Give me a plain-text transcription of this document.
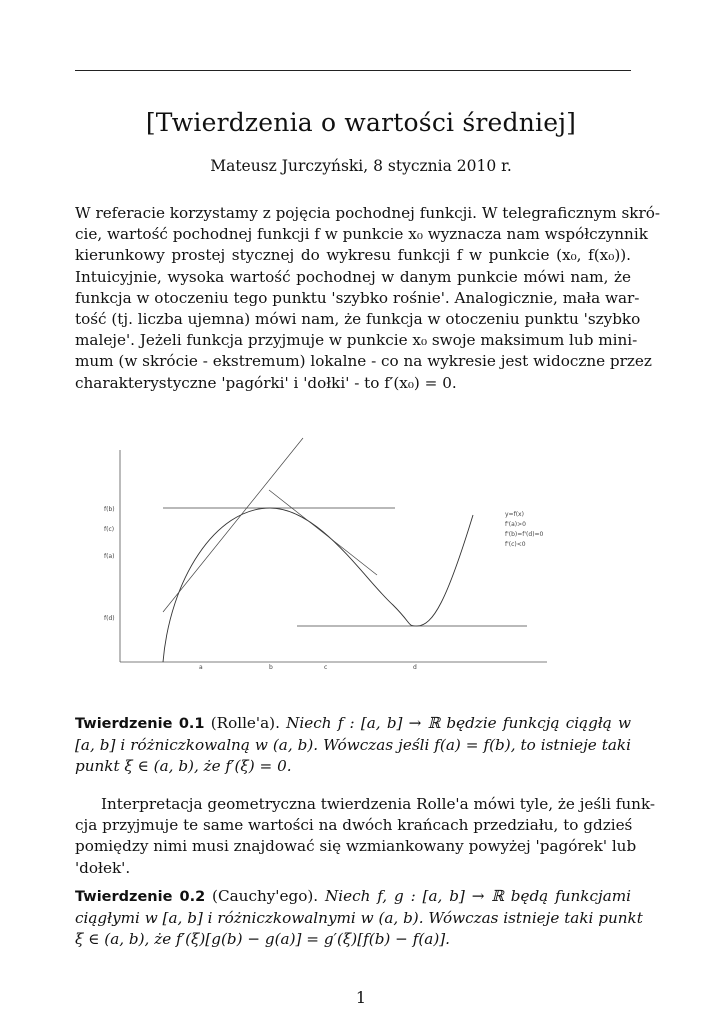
[Twierdzenia o wartości średniej]
Mateusz Jurczyński, 8 stycznia 2010 r.
W referacie korzystamy z pojęcia pochodnej funkcji. W telegraficznym skró-
cie, wartość pochodnej funkcji f w punkcie x₀ wyznacza nam współczynnik
kierunkowy prostej stycznej do wykresu funkcji f w punkcie (x₀, f(x₀)).
Intuicyjnie, wysoka wartość pochodnej w danym punkcie mówi nam, że
funkcja w otoczeniu tego punktu 'szybko rośnie'. Analogicznie, mała war-
tość (tj. liczba ujemna) mówi nam, że funkcja w otoczeniu punktu 'szybko
maleje'. Jeżeli funkcja przyjmuje w punkcie x₀ swoje maksimum lub mini-
mum (w skrócie - ekstremum) lokalne - co na wykresie jest widoczne przez
charakterystyczne 'pagórki' i 'dołki' - to f′(x₀) = 0.
f(b)
f(c)
f(a)
f(d)
a	b	c	d
y=f(x)
f'(a)>0
f'(b)=f'(d)=0
f'(c)<0
Twierdzenie 0.1 (Rolle'a). Niech f : [a, b] → ℝ będzie funkcją ciągłą w
[a, b] i różniczkowalną w (a, b). Wówczas jeśli f(a) = f(b), to istnieje taki
punkt ξ ∈ (a, b), że f′(ξ) = 0.
Interpretacja geometryczna twierdzenia Rolle'a mówi tyle, że jeśli funk-
cja przyjmuje te same wartości na dwóch krańcach przedziału, to gdzieś
pomiędzy nimi musi znajdować się wzmiankowany powyżej 'pagórek' lub
'dołek'.
Twierdzenie 0.2 (Cauchy'ego). Niech f, g : [a, b] → ℝ będą funkcjami
ciągłymi w [a, b] i różniczkowalnymi w (a, b). Wówczas istnieje taki punkt
ξ ∈ (a, b), że f′(ξ)[g(b) − g(a)] = g′(ξ)[f(b) − f(a)].
1
